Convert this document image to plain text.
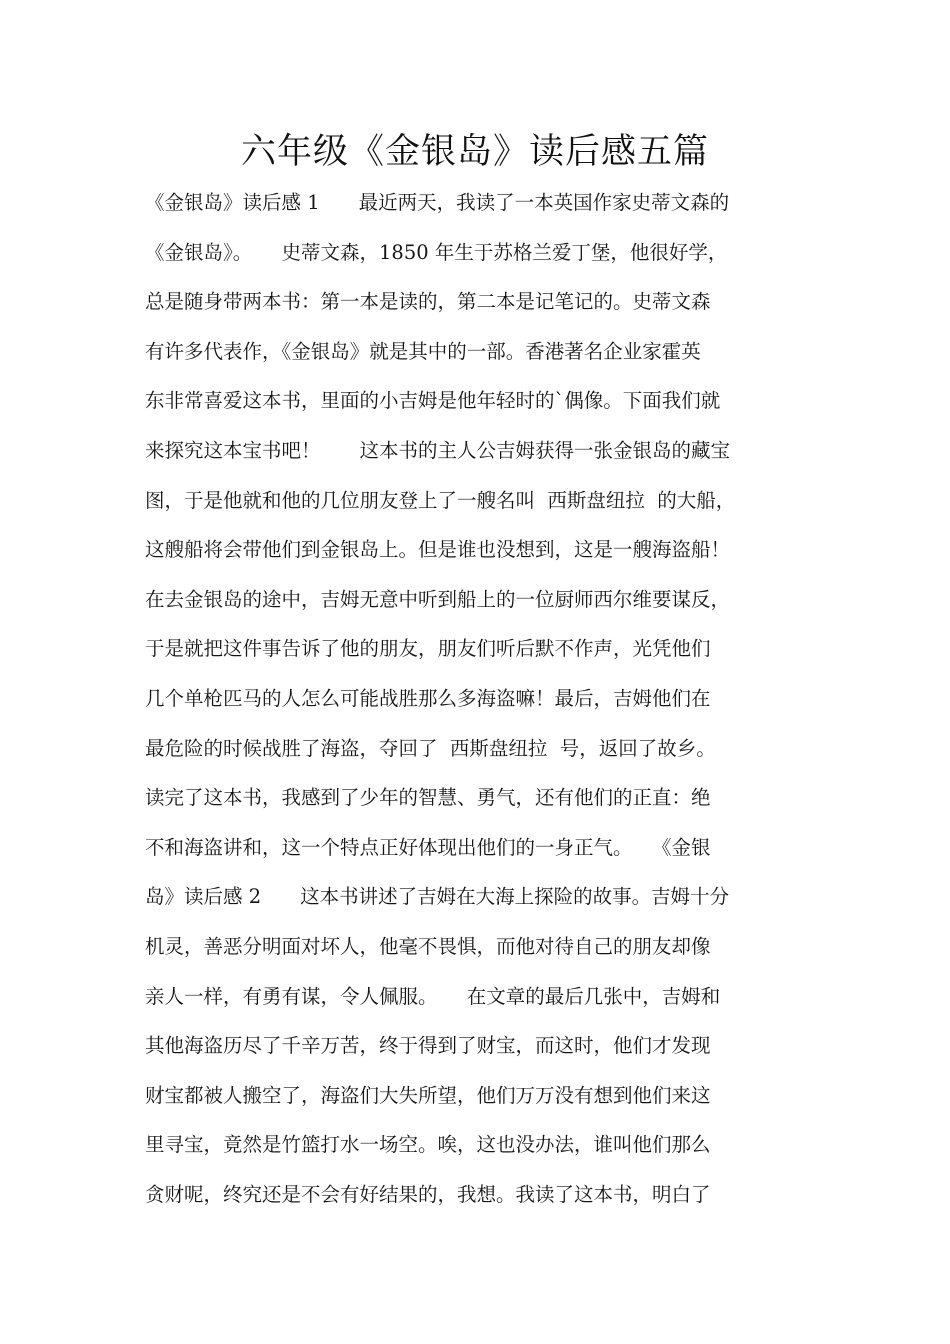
六年级《金银岛》读后感五篇
《金银岛》读后感 1　　最近两天，我读了一本英国作家史蒂文森的
《金银岛》。　　史蒂文森，1850 年生于苏格兰爱丁堡，他很好学，
总是随身带两本书：第一本是读的，第二本是记笔记的。史蒂文森
有许多代表作，《金银岛》就是其中的一部。香港著名企业家霍英
东非常喜爱这本书，里面的小吉姆是他年轻时的`偶像。下面我们就
来探究这本宝书吧！　　这本书的主人公吉姆获得一张金银岛的藏宝
图，于是他就和他的几位朋友登上了一艘名叫  西斯盘纽拉  的大船，
这艘船将会带他们到金银岛上。但是谁也没想到，这是一艘海盗船！
在去金银岛的途中，吉姆无意中听到船上的一位厨师西尔维要谋反，
于是就把这件事告诉了他的朋友，朋友们听后默不作声，光凭他们
几个单枪匹马的人怎么可能战胜那么多海盗嘛！最后，吉姆他们在
最危险的时候战胜了海盗，夺回了  西斯盘纽拉  号，返回了故乡。
读完了这本书，我感到了少年的智慧、勇气，还有他们的正直：绝
不和海盗讲和，这一个特点正好体现出他们的一身正气。　　《金银
岛》读后感 2　　这本书讲述了吉姆在大海上探险的故事。吉姆十分
机灵，善恶分明面对坏人，他毫不畏惧，而他对待自己的朋友却像
亲人一样，有勇有谋，令人佩服。　　在文章的最后几张中，吉姆和
其他海盗历尽了千辛万苦，终于得到了财宝，而这时，他们才发现
财宝都被人搬空了，海盗们大失所望，他们万万没有想到他们来这
里寻宝，竟然是竹篮打水一场空。唉，这也没办法，谁叫他们那么
贪财呢，终究还是不会有好结果的，我想。我读了这本书，明白了
